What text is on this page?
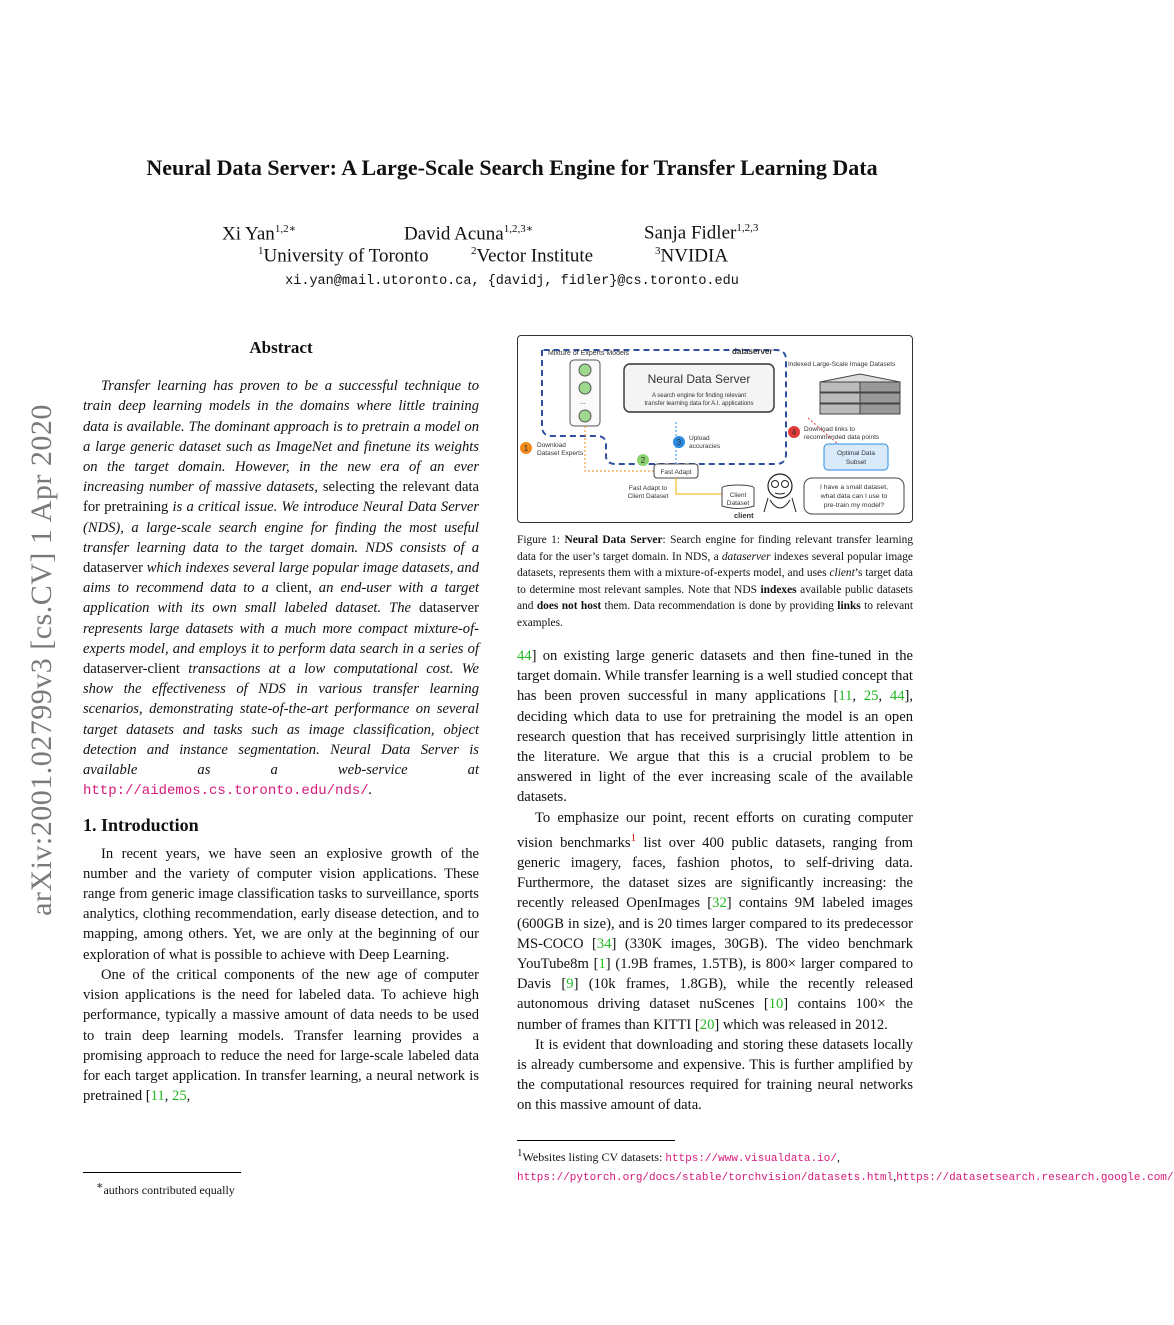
arXiv:2001.02799v3 [cs.CV] 1 Apr 2020
Neural Data Server: A Large-Scale Search Engine for Transfer Learning Data
Xi Yan$^{1,2∗}$	David Acuna$^{1,2,3∗}$	Sanja Fidler$^{1,2,3}$
$^1$University of Toronto	$^2$Vector Institute	$^3$NVIDIA
xi.yan@mail.utoronto.ca, {davidj, fidler}@cs.toronto.edu

Abstract

Transfer learning has proven to be a successful technique to train deep learning models in the domains where little training data is available. The dominant approach is to pretrain a model on a large generic dataset such as ImageNet and finetune its weights on the target domain. However, in the new era of an ever increasing number of massive datasets, selecting the relevant data for pretraining is a critical issue. We introduce Neural Data Server (NDS), a large-scale search engine for finding the most useful transfer learning data to the target domain. NDS consists of a dataserver which indexes several large popular image datasets, and aims to recommend data to a client, an end-user with a target application with its own small labeled dataset. The dataserver represents large datasets with a much more compact mixture-of-experts model, and employs it to perform data search in a series of dataserver-client transactions at a low computational cost. We show the effectiveness of NDS in various transfer learning scenarios, demonstrating state-of-the-art performance on several target datasets and tasks such as image classification, object detection and instance segmentation. Neural Data Server is available as a web-service at http://aidemos.cs.toronto.edu/nds/.

1. Introduction

In recent years, we have seen an explosive growth of the number and the variety of computer vision applications. These range from generic image classification tasks to surveillance, sports analytics, clothing recommendation, early disease detection, and to mapping, among others. Yet, we are only at the beginning of our exploration of what is possible to achieve with Deep Learning.

One of the critical components of the new age of computer vision applications is the need for labeled data. To achieve high performance, typically a massive amount of data needs to be used to train deep learning models. Transfer learning provides a promising approach to reduce the need for large-scale labeled data for each target application. In transfer learning, a neural network is pretrained [11, 25,

∗authors contributed equally
Mixture of Experts Models	dataserver
Indexed Large-Scale Image Datasets
...
Neural Data Server
A search engine for finding relevant
transfer learning data for A.I. applications
1 Download
Dataset Experts
2
Fast Adapt
3 Upload
accuracies
4 Download links to
recommended data points
Optimal Data
Subset
Fast Adapt to
Client Dataset	Client
Dataset
client
I have a small dataset,
what data can I use to
pre-train my model?
Figure 1: Neural Data Server: Search engine for finding relevant transfer learning data for the user’s target domain. In NDS, a dataserver indexes several popular image datasets, represents them with a mixture-of-experts model, and uses client’s target data to determine most relevant samples. Note that NDS indexes available public datasets and does not host them. Data recommendation is done by providing links to relevant examples.

44] on existing large generic datasets and then fine-tuned in the target domain. While transfer learning is a well studied concept that has been proven successful in many applications [11, 25, 44], deciding which data to use for pretraining the model is an open research question that has received surprisingly little attention in the literature. We argue that this is a crucial problem to be answered in light of the ever increasing scale of the available datasets.

To emphasize our point, recent efforts on curating computer vision benchmarks$^1$ list over 400 public datasets, ranging from generic imagery, faces, fashion photos, to self-driving data. Furthermore, the dataset sizes are significantly increasing: the recently released OpenImages [32] contains 9M labeled images (600GB in size), and is 20 times larger compared to its predecessor MS-COCO [34] (330K images, 30GB). The video benchmark YouTube8m [1] (1.9B frames, 1.5TB), is 800× larger compared to Davis [9] (10k frames, 1.8GB), while the recently released autonomous driving dataset nuScenes [10] contains 100× the number of frames than KITTI [20] which was released in 2012.

It is evident that downloading and storing these datasets locally is already cumbersome and expensive. This is further amplified by the computational resources required for training neural networks on this massive amount of data.

$^1$Websites listing CV datasets: https://www.visualdata.io/, https://pytorch.org/docs/stable/torchvision/datasets.html,https://datasetsearch.research.google.com/
